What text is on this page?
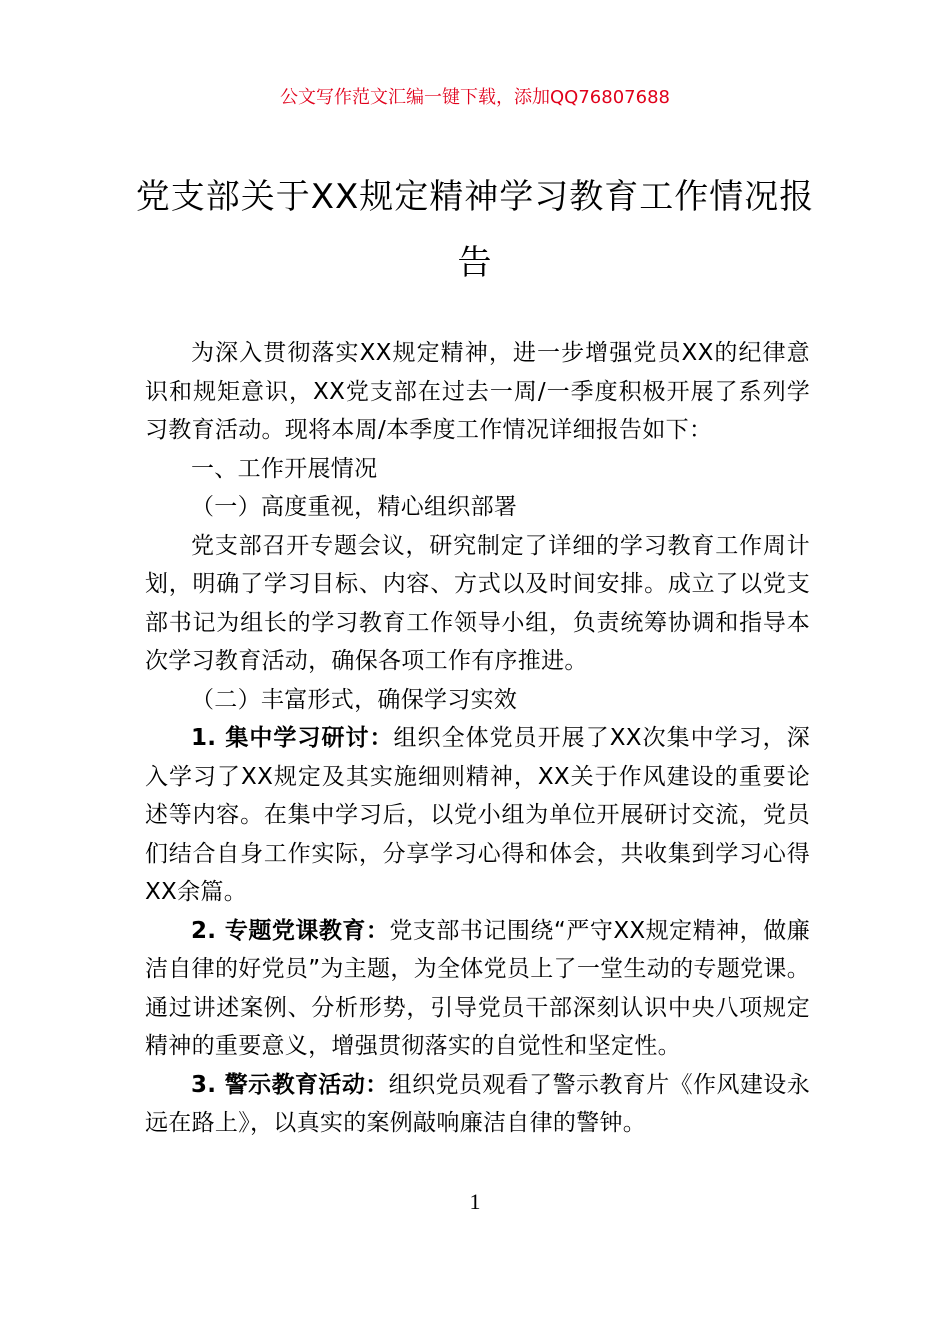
公文写作范文汇编一键下载，添加QQ76807688
党支部关于XX规定精神学习教育工作情况报告

为深入贯彻落实XX规定精神，进一步增强党员XX的纪律意识和规矩意识，XX党支部在过去一周/一季度积极开展了系列学习教育活动。现将本周/本季度工作情况详细报告如下：

一、工作开展情况

（一）高度重视，精心组织部署

党支部召开专题会议，研究制定了详细的学习教育工作周计划，明确了学习目标、内容、方式以及时间安排。成立了以党支部书记为组长的学习教育工作领导小组，负责统筹协调和指导本次学习教育活动，确保各项工作有序推进。

（二）丰富形式，确保学习实效

1. 集中学习研讨：组织全体党员开展了XX次集中学习，深入学习了XX规定及其实施细则精神，XX关于作风建设的重要论述等内容。在集中学习后，以党小组为单位开展研讨交流，党员们结合自身工作实际，分享学习心得和体会，共收集到学习心得XX余篇。

2. 专题党课教育：党支部书记围绕“严守XX规定精神，做廉洁自律的好党员”为主题，为全体党员上了一堂生动的专题党课。通过讲述案例、分析形势，引导党员干部深刻认识中央八项规定精神的重要意义，增强贯彻落实的自觉性和坚定性。

3. 警示教育活动：组织党员观看了警示教育片《作风建设永远在路上》，以真实的案例敲响廉洁自律的警钟。

1
